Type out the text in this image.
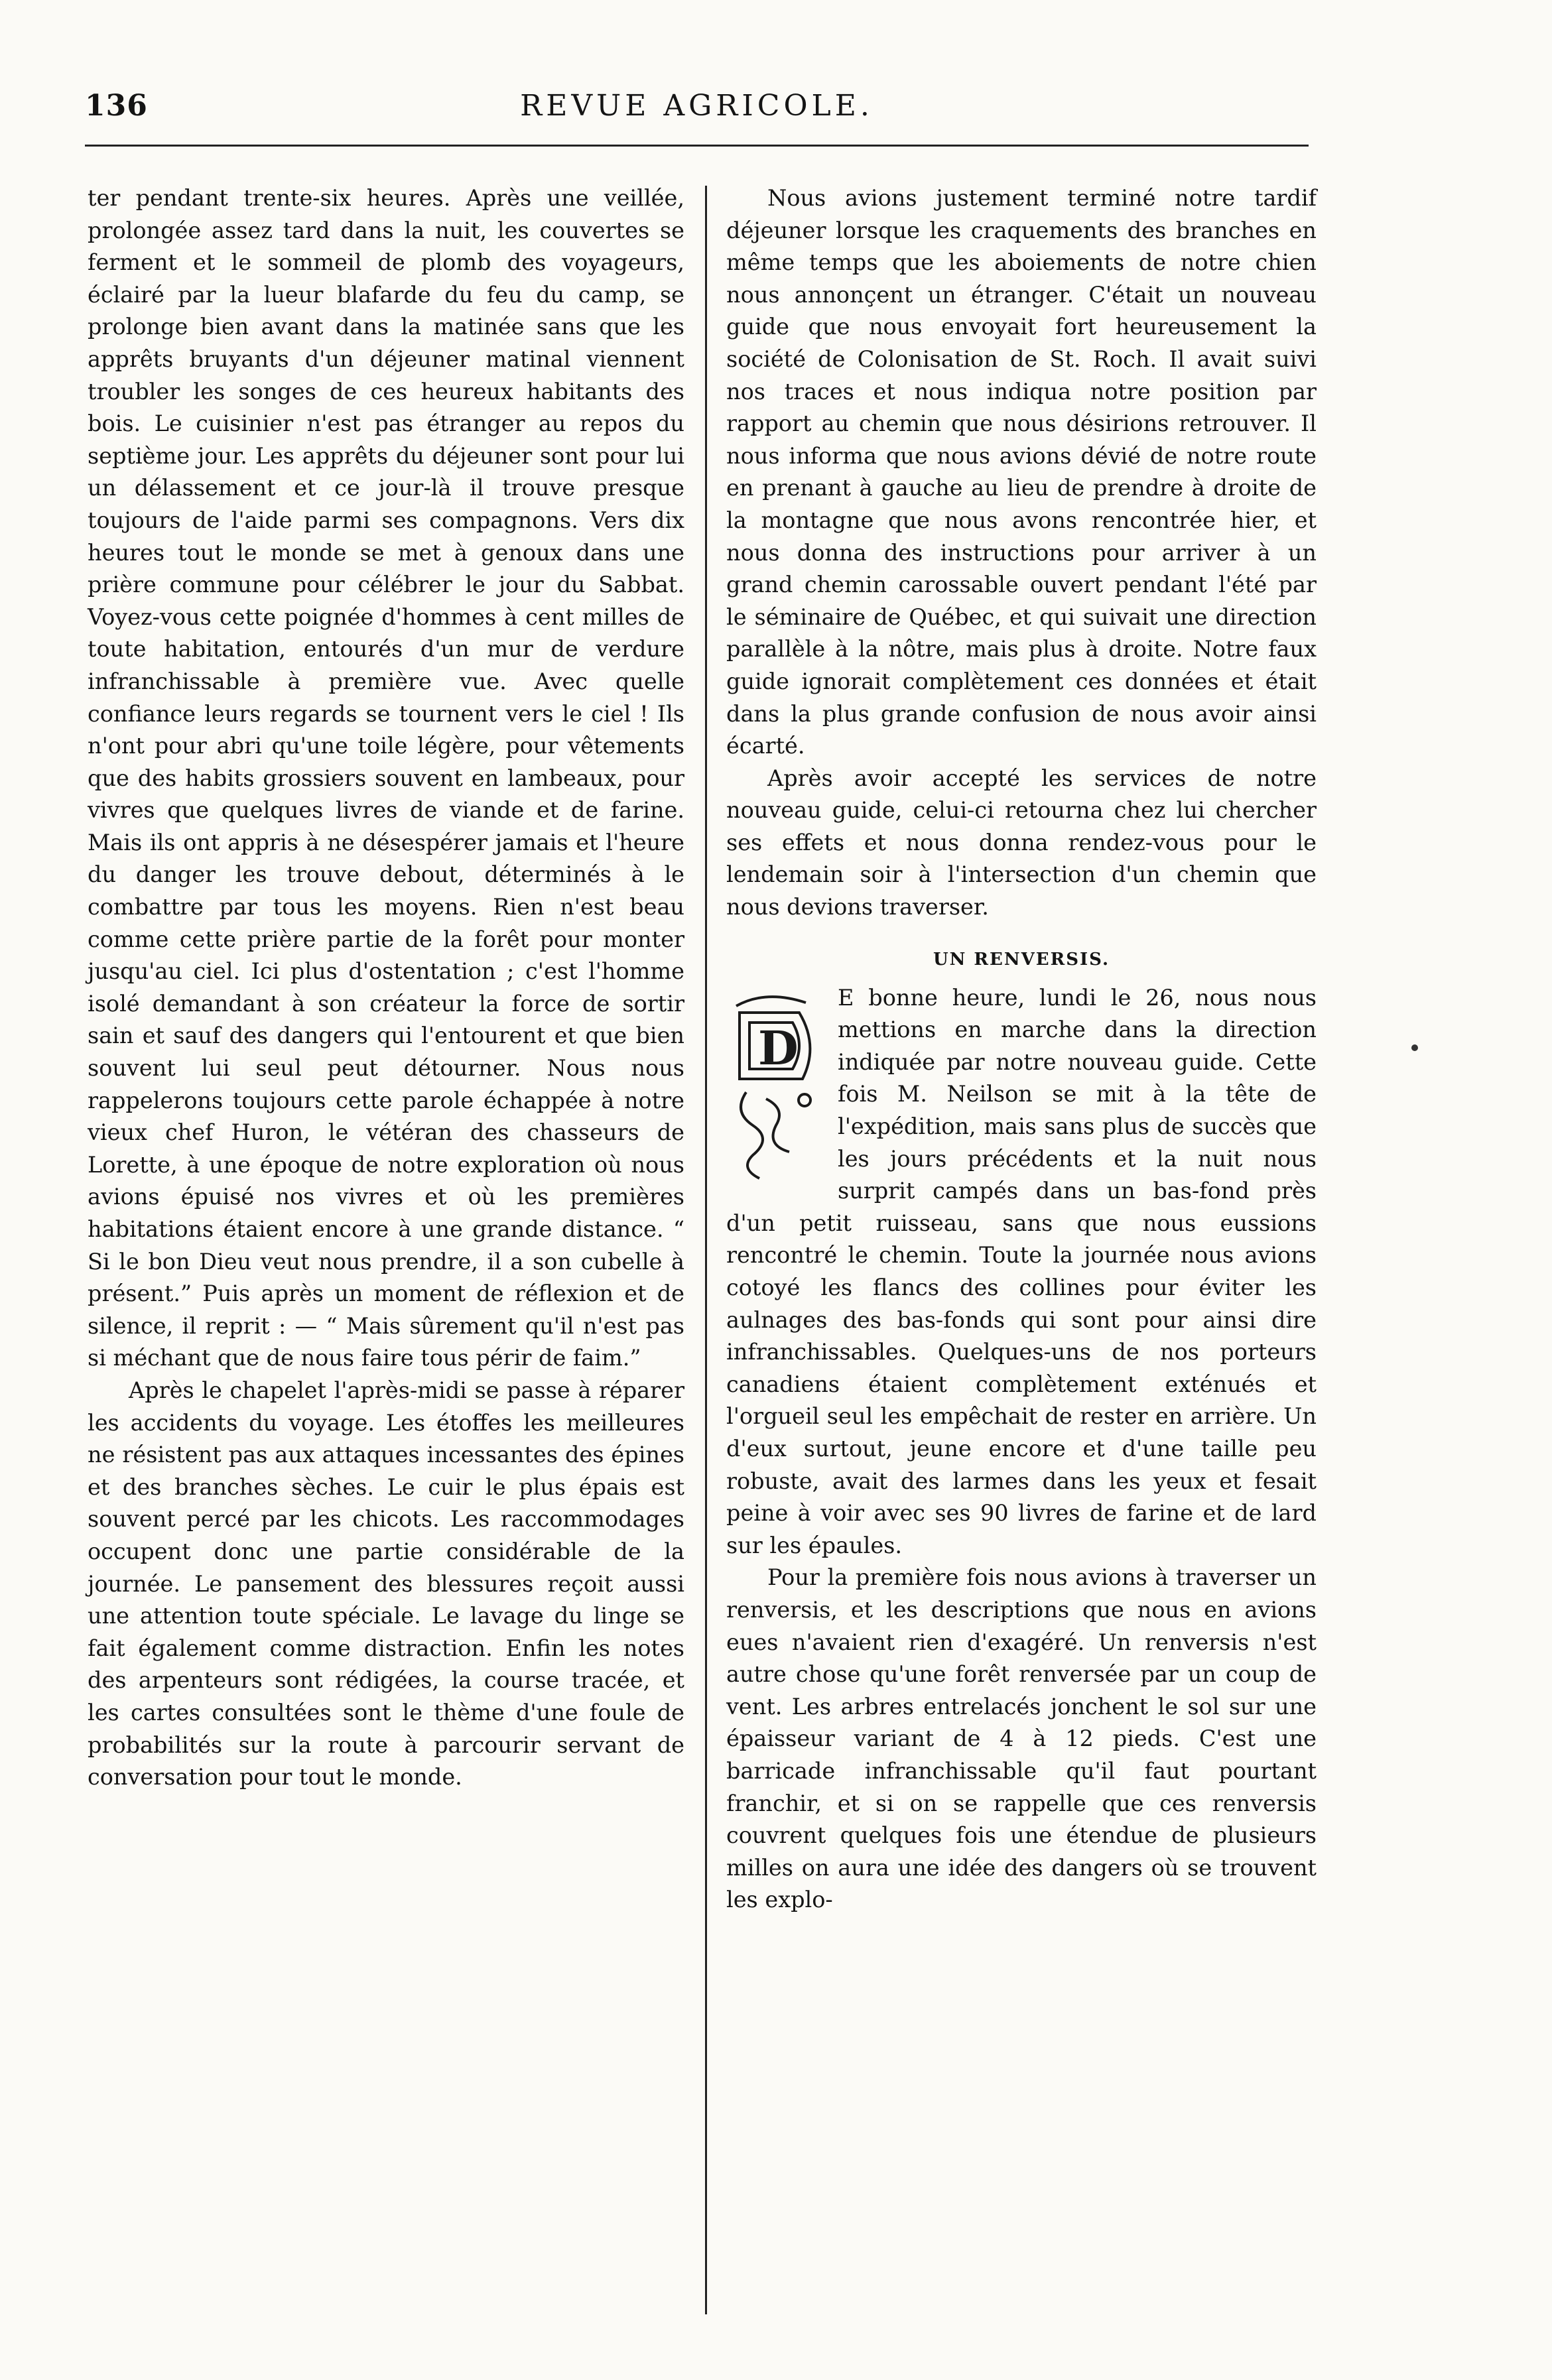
136	REVUE AGRICOLE.

ter pendant trente-six heures. Après une veillée, prolongée assez tard dans la nuit, les couvertes se ferment et le sommeil de plomb des voyageurs, éclairé par la lueur blafarde du feu du camp, se prolonge bien avant dans la matinée sans que les apprêts bruyants d'un déjeuner matinal viennent troubler les songes de ces heureux habitants des bois. Le cuisinier n'est pas étranger au repos du septième jour. Les apprêts du déjeuner sont pour lui un délassement et ce jour-là il trouve presque toujours de l'aide parmi ses compagnons. Vers dix heures tout le monde se met à genoux dans une prière commune pour célébrer le jour du Sabbat. Voyez-vous cette poignée d'hommes à cent milles de toute habitation, entourés d'un mur de verdure infranchissable à première vue. Avec quelle confiance leurs regards se tournent vers le ciel ! Ils n'ont pour abri qu'une toile légère, pour vêtements que des habits grossiers souvent en lambeaux, pour vivres que quelques livres de viande et de farine. Mais ils ont appris à ne désespérer jamais et l'heure du danger les trouve debout, déterminés à le combattre par tous les moyens. Rien n'est beau comme cette prière partie de la forêt pour monter jusqu'au ciel. Ici plus d'ostentation ; c'est l'homme isolé demandant à son créateur la force de sortir sain et sauf des dangers qui l'entourent et que bien souvent lui seul peut détourner. Nous nous rappelerons toujours cette parole échappée à notre vieux chef Huron, le vétéran des chasseurs de Lorette, à une époque de notre exploration où nous avions épuisé nos vivres et où les premières habitations étaient encore à une grande distance. “ Si le bon Dieu veut nous prendre, il a son cubelle à présent.” Puis après un moment de réflexion et de silence, il reprit : — “ Mais sûrement qu'il n'est pas si méchant que de nous faire tous périr de faim.”

Après le chapelet l'après-midi se passe à réparer les accidents du voyage. Les étoffes les meilleures ne résistent pas aux attaques incessantes des épines et des branches sèches. Le cuir le plus épais est souvent percé par les chicots. Les raccommodages occupent donc une partie considérable de la journée. Le pansement des blessures reçoit aussi une attention toute spéciale. Le lavage du linge se fait également comme distraction. Enfin les notes des arpenteurs sont rédigées, la course tracée, et les cartes consultées sont le thème d'une foule de probabilités sur la route à parcourir servant de conversation pour tout le monde.

Nous avions justement terminé notre tardif déjeuner lorsque les craquements des branches en même temps que les aboiements de notre chien nous annonçent un étranger. C'était un nouveau guide que nous envoyait fort heureusement la société de Colonisation de St. Roch. Il avait suivi nos traces et nous indiqua notre position par rapport au chemin que nous désirions retrouver. Il nous informa que nous avions dévié de notre route en prenant à gauche au lieu de prendre à droite de la montagne que nous avons rencontrée hier, et nous donna des instructions pour arriver à un grand chemin carossable ouvert pendant l'été par le séminaire de Québec, et qui suivait une direction parallèle à la nôtre, mais plus à droite. Notre faux guide ignorait complètement ces données et était dans la plus grande confusion de nous avoir ainsi écarté.

Après avoir accepté les services de notre nouveau guide, celui-ci retourna chez lui chercher ses effets et nous donna rendez-vous pour le lendemain soir à l'intersection d'un chemin que nous devions traverser.

UN RENVERSIS.
D

E bonne heure, lundi le 26, nous nous mettions en marche dans la direction indiquée par notre nouveau guide. Cette fois M. Neilson se mit à la tête de l'expédition, mais sans plus de succès que les jours précédents et la nuit nous surprit campés dans un bas-fond près d'un petit ruisseau, sans que nous eussions rencontré le chemin. Toute la journée nous avions cotoyé les flancs des collines pour éviter les aulnages des bas-fonds qui sont pour ainsi dire infranchissables. Quelques-uns de nos porteurs canadiens étaient complètement exténués et l'orgueil seul les empêchait de rester en arrière. Un d'eux surtout, jeune encore et d'une taille peu robuste, avait des larmes dans les yeux et fesait peine à voir avec ses 90 livres de farine et de lard sur les épaules.

Pour la première fois nous avions à traverser un renversis, et les descriptions que nous en avions eues n'avaient rien d'exagéré. Un renversis n'est autre chose qu'une forêt renversée par un coup de vent. Les arbres entrelacés jonchent le sol sur une épaisseur variant de 4 à 12 pieds. C'est une barricade infranchissable qu'il faut pourtant franchir, et si on se rappelle que ces renversis couvrent quelques fois une étendue de plusieurs milles on aura une idée des dangers où se trouvent les explo-
